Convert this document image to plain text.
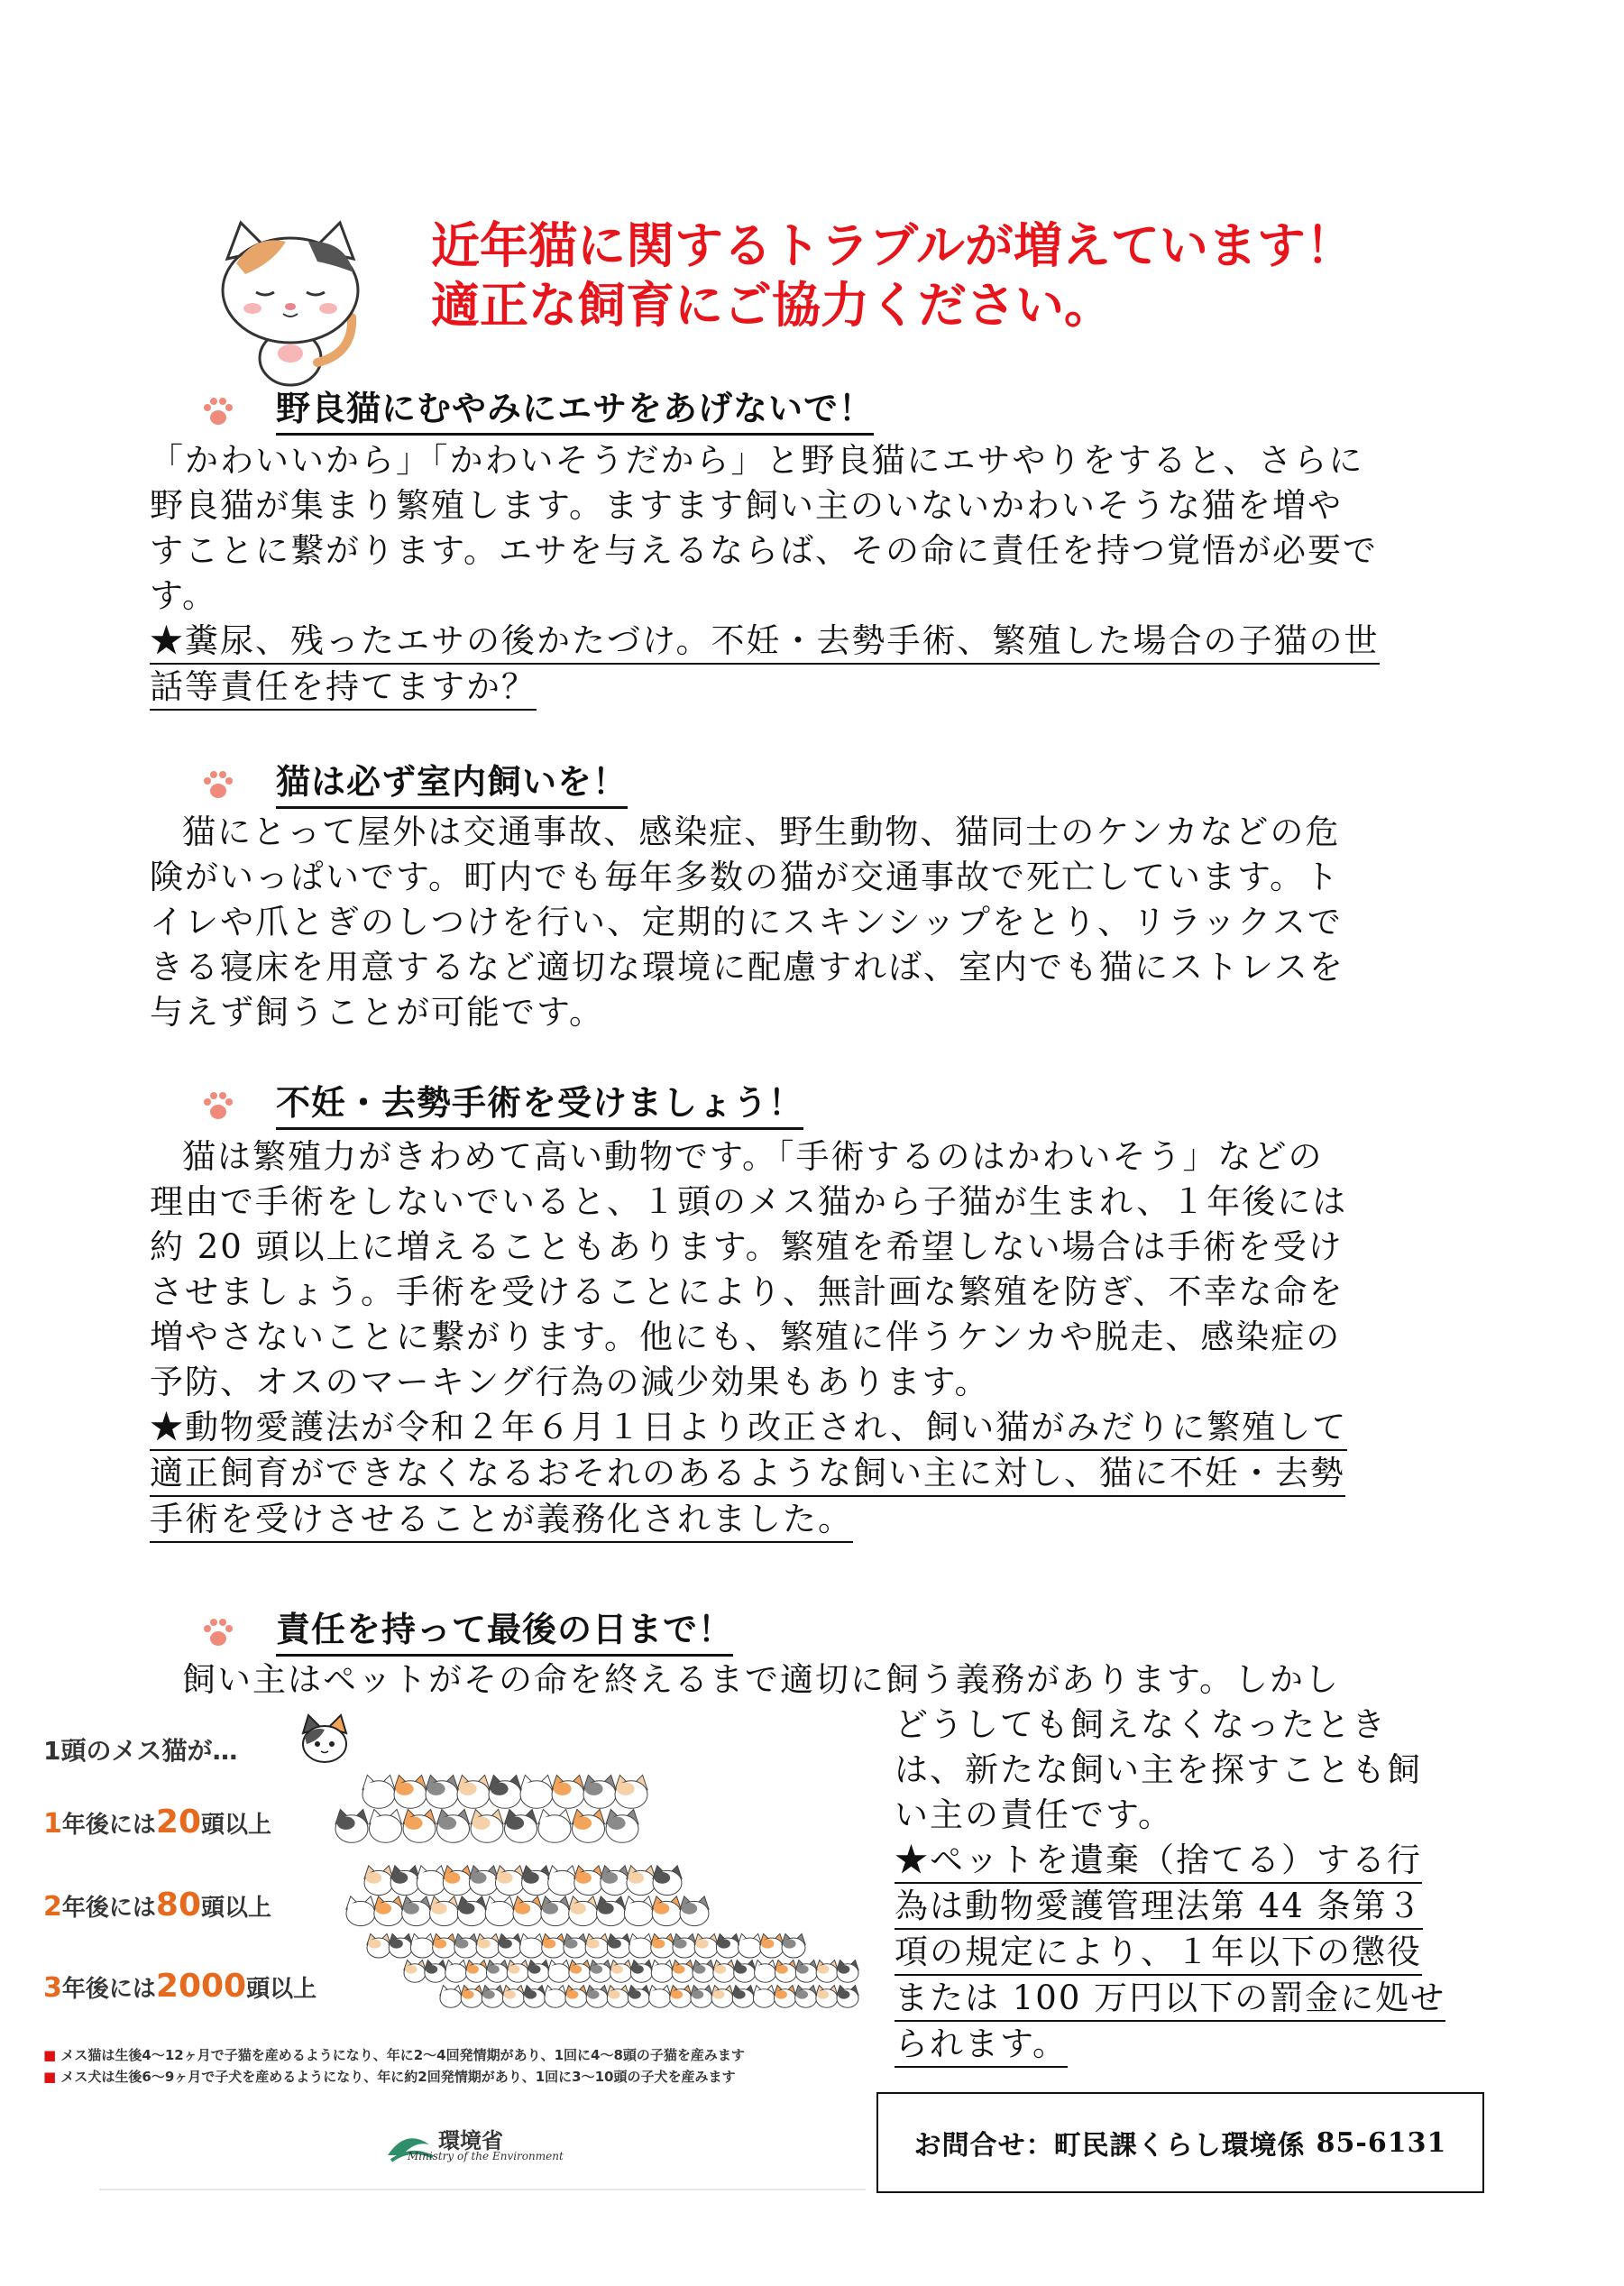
近年猫に関するトラブルが増えています！
適正な飼育にご協力ください。
野良猫にむやみにエサをあげないで！
「かわいいから」「かわいそうだから」と野良猫にエサやりをすると、さらに
野良猫が集まり繁殖します。ますます飼い主のいないかわいそうな猫を増や
すことに繋がります。エサを与えるならば、その命に責任を持つ覚悟が必要で
す。
★糞尿、残ったエサの後かたづけ。不妊・去勢手術、繁殖した場合の子猫の世
話等責任を持てますか？
猫は必ず室内飼いを！
猫にとって屋外は交通事故、感染症、野生動物、猫同士のケンカなどの危
険がいっぱいです。町内でも毎年多数の猫が交通事故で死亡しています。ト
イレや爪とぎのしつけを行い、定期的にスキンシップをとり、リラックスで
きる寝床を用意するなど適切な環境に配慮すれば、室内でも猫にストレスを
与えず飼うことが可能です。
不妊・去勢手術を受けましょう！
猫は繁殖力がきわめて高い動物です。「手術するのはかわいそう」などの
理由で手術をしないでいると、１頭のメス猫から子猫が生まれ、１年後には
約 20 頭以上に増えることもあります。繁殖を希望しない場合は手術を受け
させましょう。手術を受けることにより、無計画な繁殖を防ぎ、不幸な命を
増やさないことに繋がります。他にも、繁殖に伴うケンカや脱走、感染症の
予防、オスのマーキング行為の減少効果もあります。
★動物愛護法が令和２年６月１日より改正され、飼い猫がみだりに繁殖して
適正飼育ができなくなるおそれのあるような飼い主に対し、猫に不妊・去勢
手術を受けさせることが義務化されました。
責任を持って最後の日まで！
飼い主はペットがその命を終えるまで適切に飼う義務があります。しかし
どうしても飼えなくなったとき
は、新たな飼い主を探すことも飼
い主の責任です。
★ペットを遺棄（捨てる）する行
為は動物愛護管理法第 44 条第３
項の規定により、１年以下の懲役
または 100 万円以下の罰金に処せ
られます。
1頭のメス猫が…
1年後には20頭以上
2年後には80頭以上
3年後には2000頭以上
■ メス猫は生後4～12ヶ月で子猫を産めるようになり、年に2～4回発情期があり、1回に4～8頭の子猫を産みます
■ メス犬は生後6～9ヶ月で子犬を産めるようになり、年に約2回発情期があり、1回に3～10頭の子犬を産みます
環境省
Ministry of the Environment	お問合せ：町民課くらし環境係 85-6131
